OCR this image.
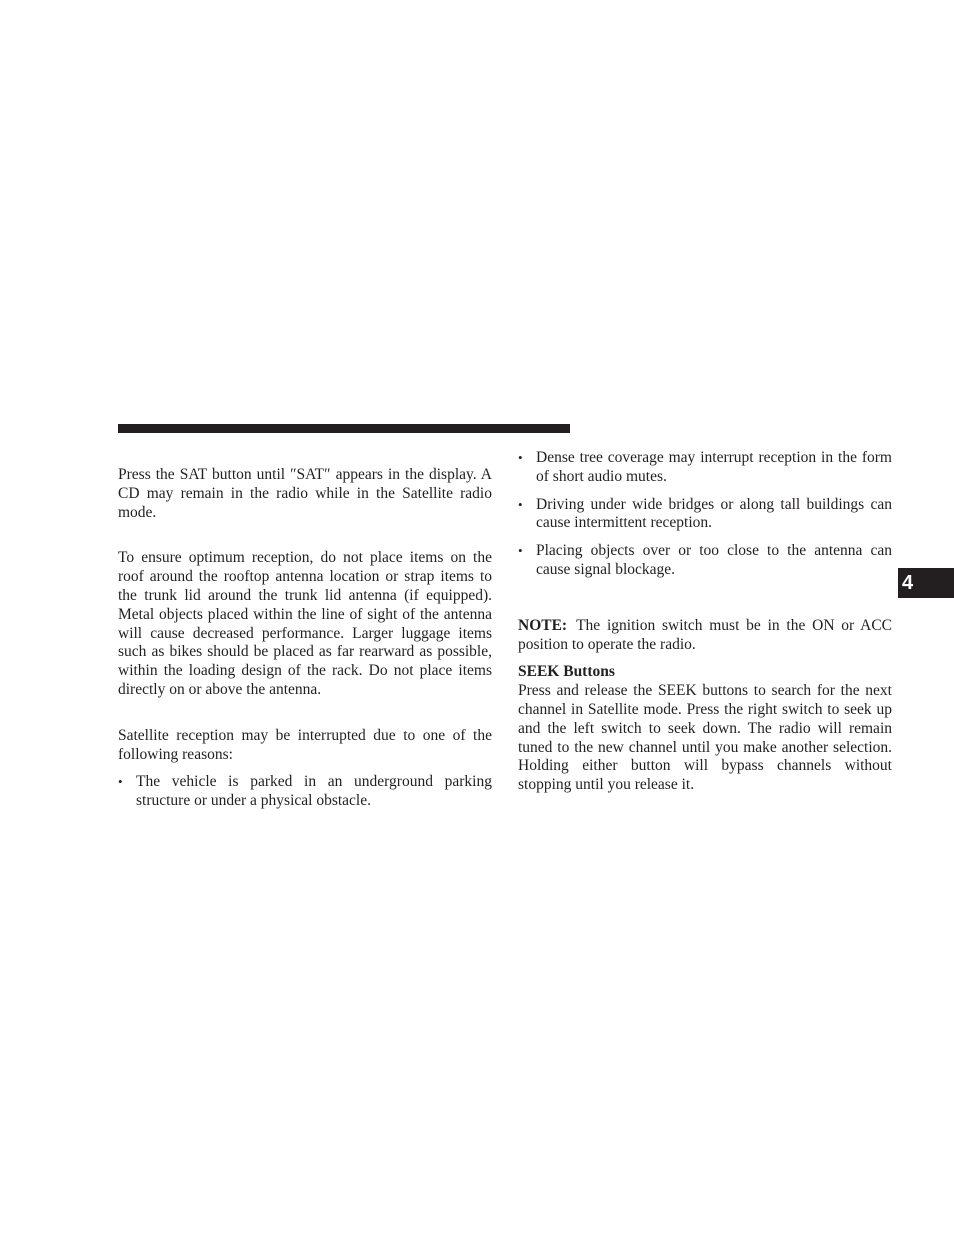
Press the SAT button until ″SAT″ appears in the display. A CD may remain in the radio while in the Satellite radio mode.

To ensure optimum reception, do not place items on the roof around the rooftop antenna location or strap items to the trunk lid around the trunk lid antenna (if equipped). Metal objects placed within the line of sight of the antenna will cause decreased performance. Larger luggage items such as bikes should be placed as far rearward as possible, within the loading design of the rack. Do not place items directly on or above the antenna.

Satellite reception may be interrupted due to one of the following reasons:

• The vehicle is parked in an underground parking structure or under a physical obstacle.
• Dense tree coverage may interrupt reception in the form of short audio mutes.
• Driving under wide bridges or along tall buildings can cause intermittent reception.
• Placing objects over or too close to the antenna can cause signal blockage.

NOTE: The ignition switch must be in the ON or ACC position to operate the radio.

SEEK Buttons

Press and release the SEEK buttons to search for the next channel in Satellite mode. Press the right switch to seek up and the left switch to seek down. The radio will remain tuned to the new channel until you make another selection. Holding either button will bypass channels without stopping until you release it.

4
